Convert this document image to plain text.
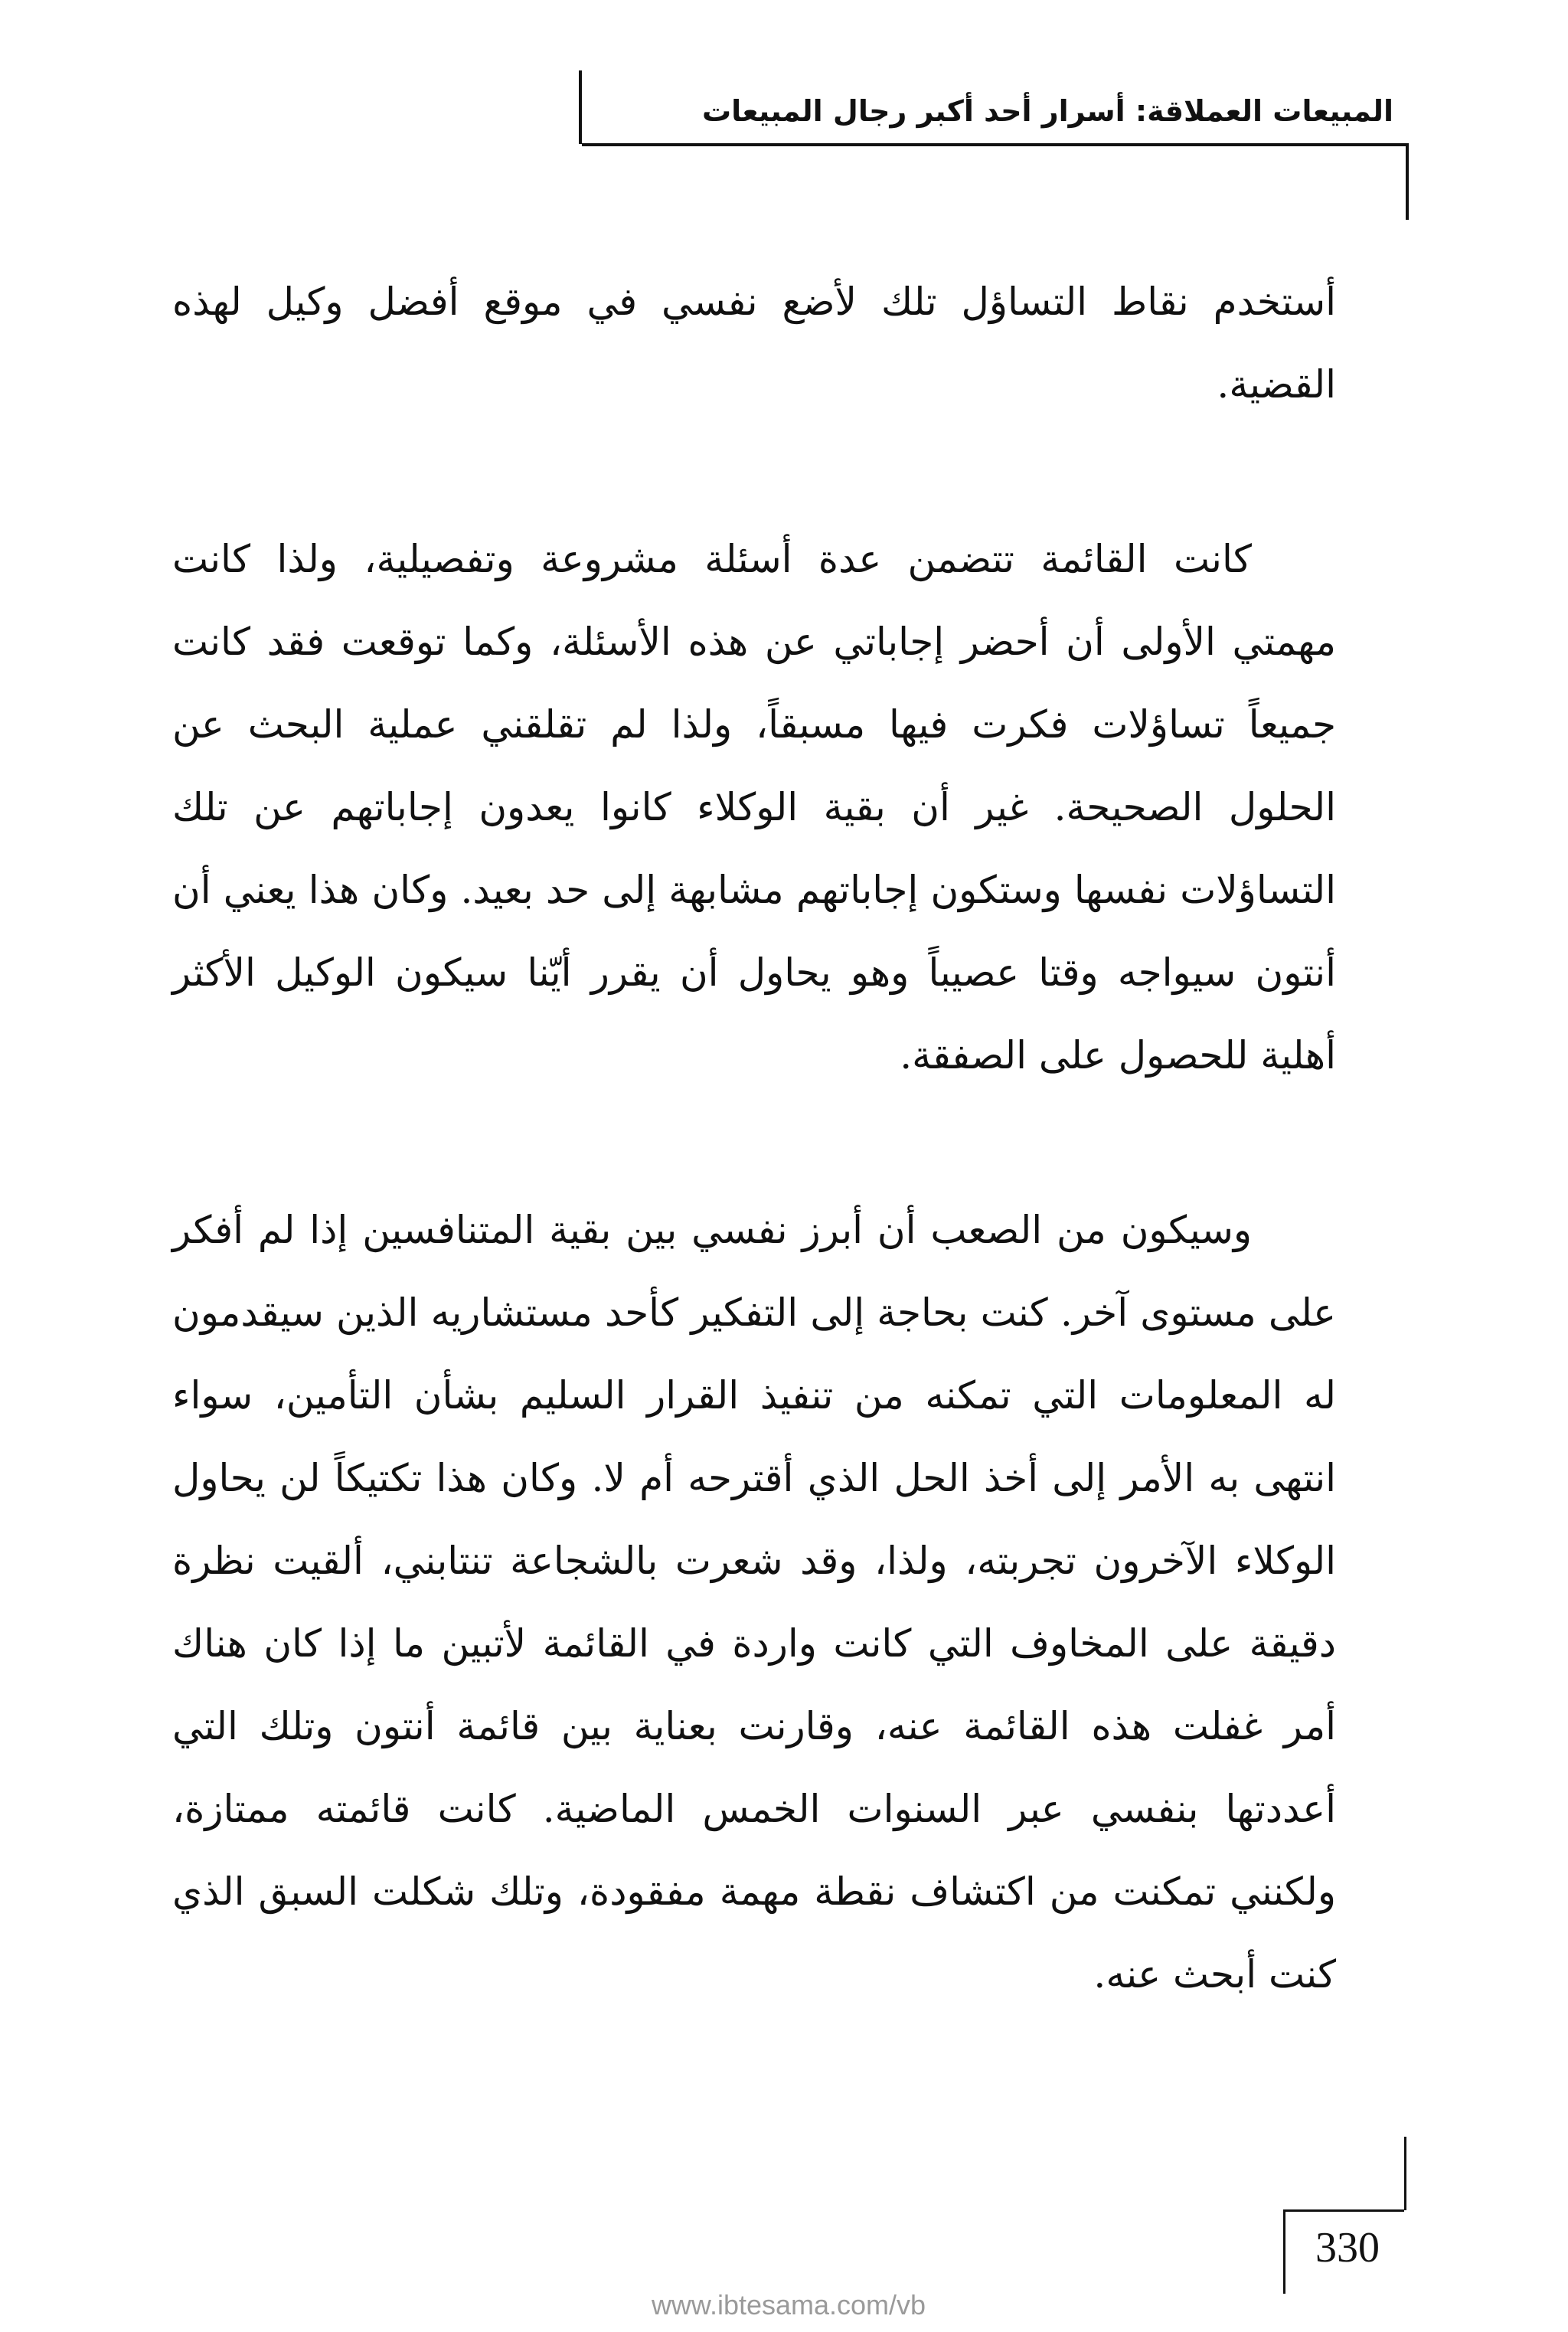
المبيعات العملاقة: أسرار أحد أكبر رجال المبيعات

أستخدم نقاط التساؤل تلك لأضع نفسي في موقع أفضل وكيل لهذه القضية.

كانت القائمة تتضمن عدة أسئلة مشروعة وتفصيلية، ولذا كانت مهمتي الأولى أن أحضر إجاباتي عن هذه الأسئلة، وكما توقعت فقد كانت جميعاً تساؤلات فكرت فيها مسبقاً، ولذا لم تقلقني عملية البحث عن الحلول الصحيحة. غير أن بقية الوكلاء كانوا يعدون إجاباتهم عن تلك التساؤلات نفسها وستكون إجاباتهم مشابهة إلى حد بعيد. وكان هذا يعني أن أنتون سيواجه وقتا عصيباً وهو يحاول أن يقرر أيّنا سيكون الوكيل الأكثر أهلية للحصول على الصفقة.

وسيكون من الصعب أن أبرز نفسي بين بقية المتنافسين إذا لم أفكر على مستوى آخر. كنت بحاجة إلى التفكير كأحد مستشاريه الذين سيقدمون له المعلومات التي تمكنه من تنفيذ القرار السليم بشأن التأمين، سواء انتهى به الأمر إلى أخذ الحل الذي أقترحه أم لا. وكان هذا تكتيكاً لن يحاول الوكلاء الآخرون تجربته، ولذا، وقد شعرت بالشجاعة تنتابني، ألقيت نظرة دقيقة على المخاوف التي كانت واردة في القائمة لأتبين ما إذا كان هناك أمر غفلت هذه القائمة عنه، وقارنت بعناية بين قائمة أنتون وتلك التي أعددتها بنفسي عبر السنوات الخمس الماضية. كانت قائمته ممتازة، ولكنني تمكنت من اكتشاف نقطة مهمة مفقودة، وتلك شكلت السبق الذي كنت أبحث عنه.

330
www.ibtesama.com/vb
